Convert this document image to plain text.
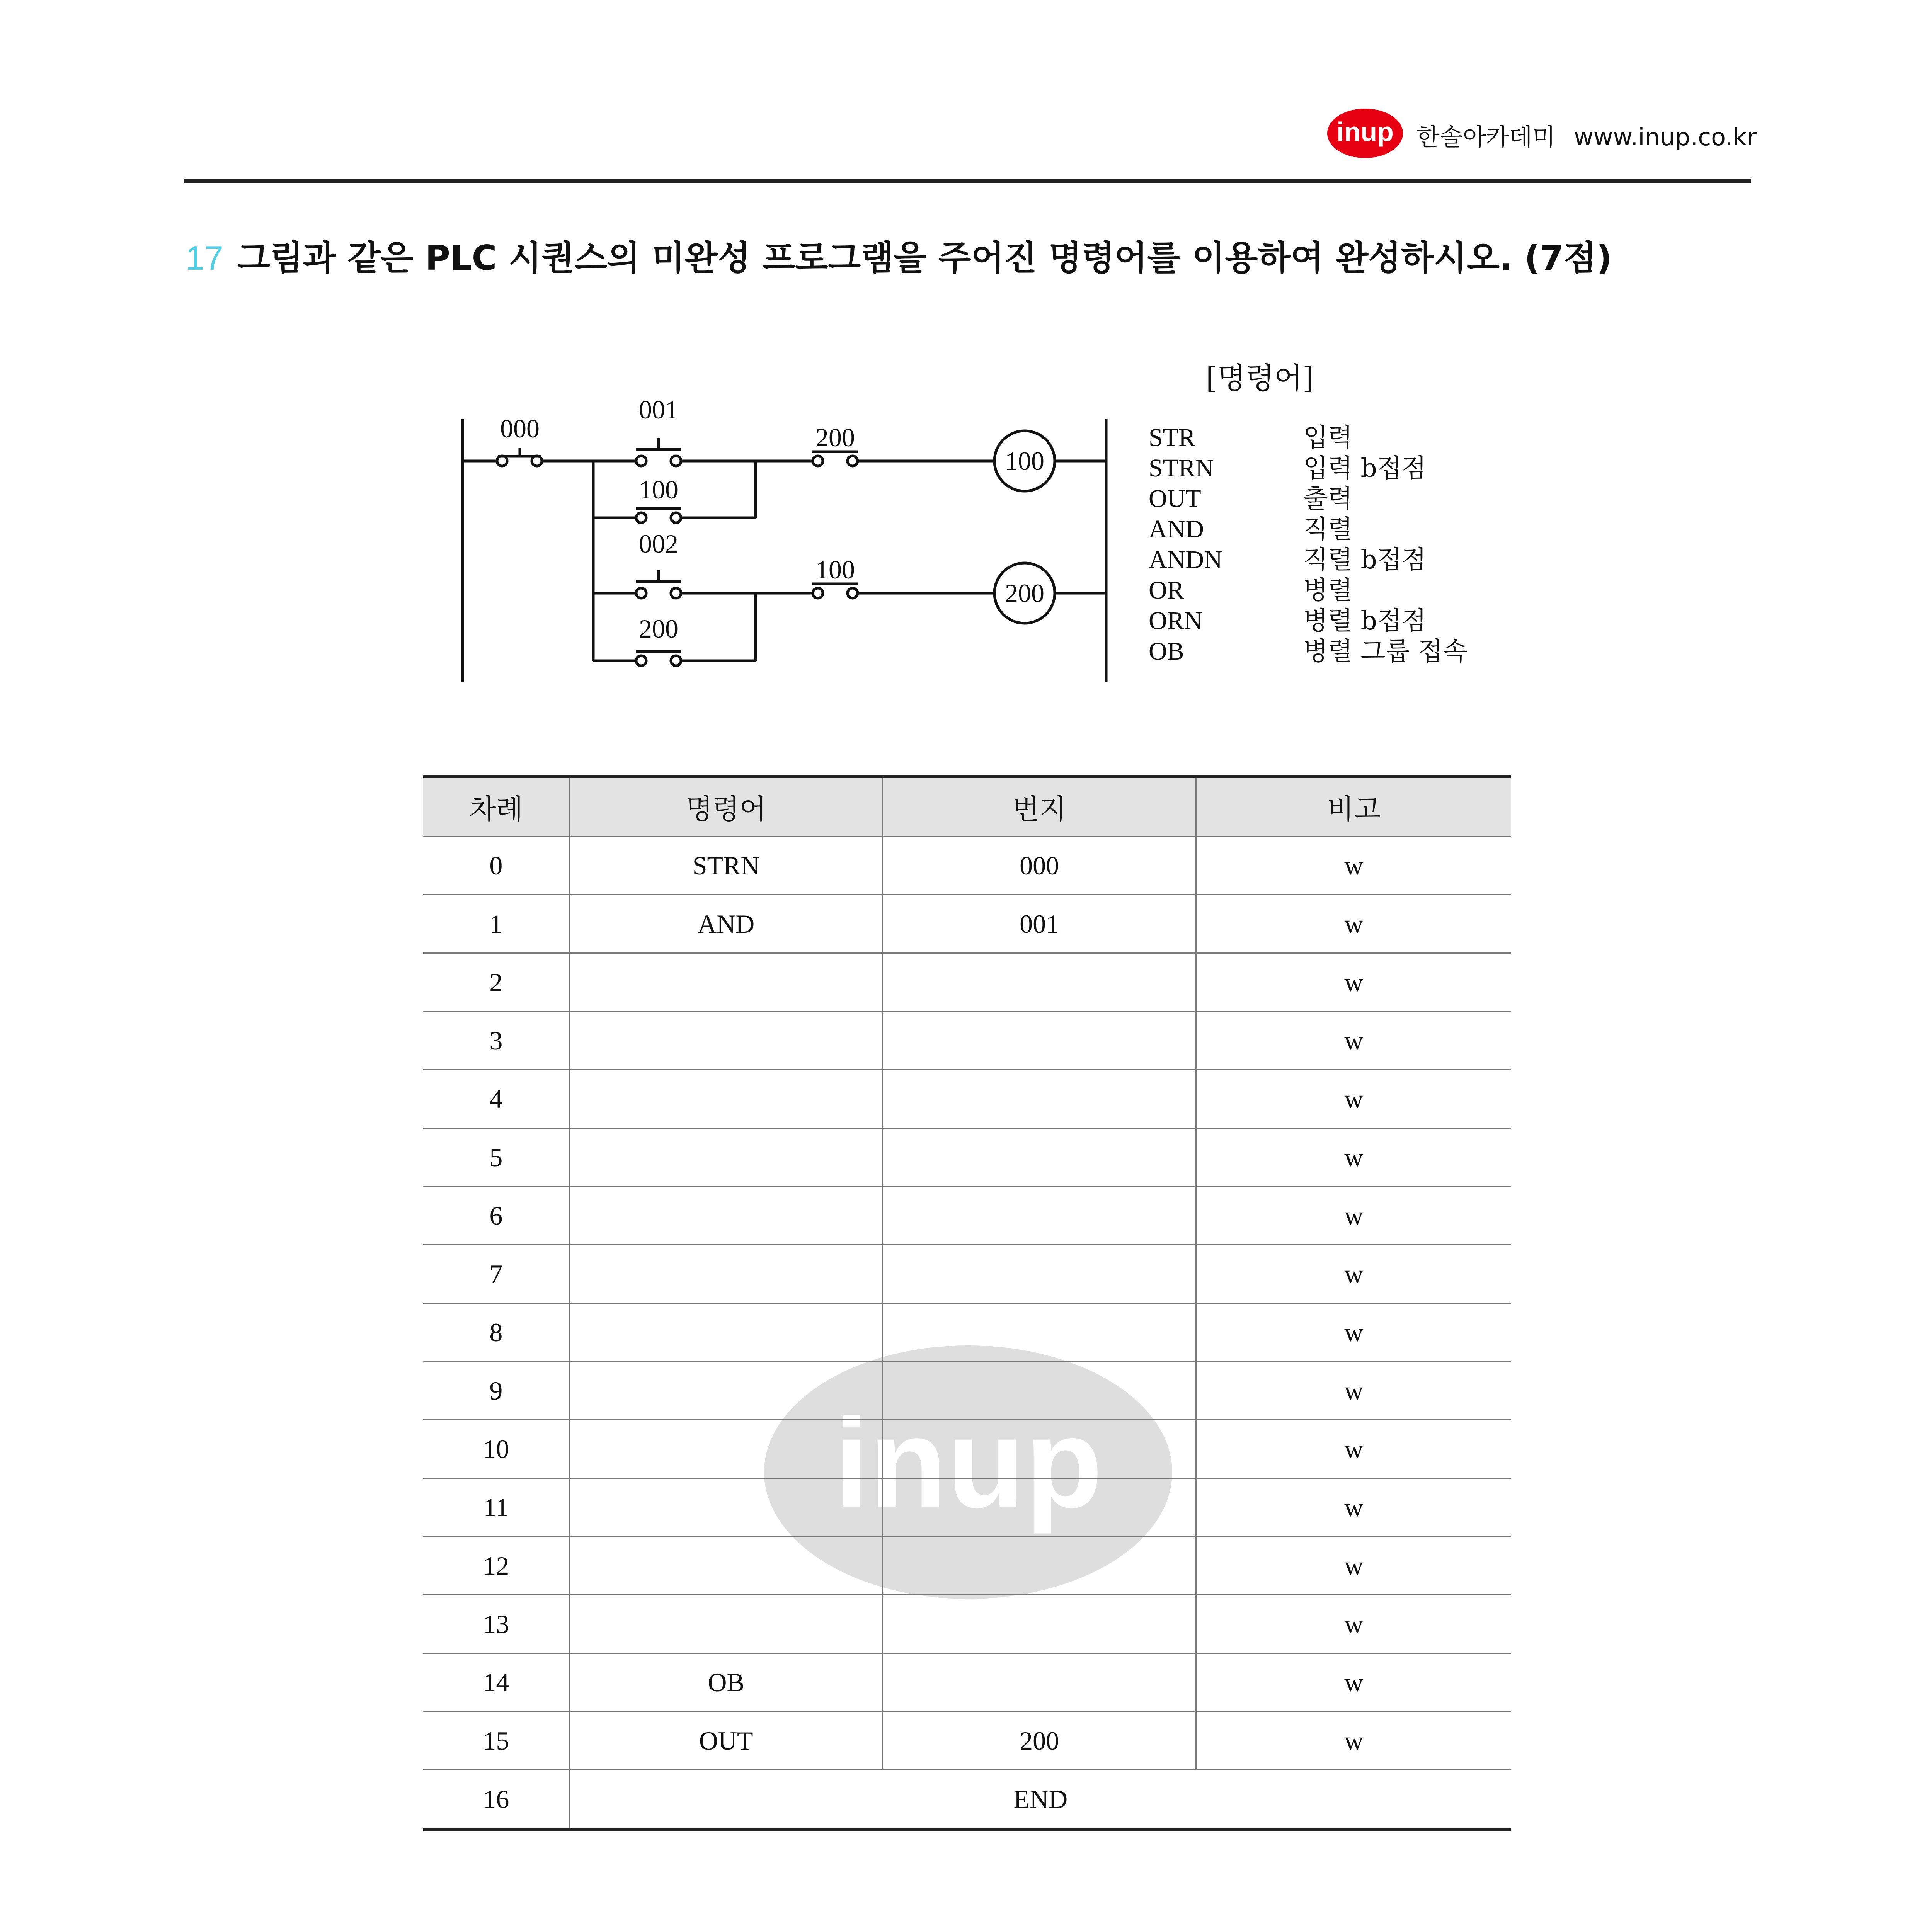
inup 한솔아카데미 www.inup.co.kr
17 그림과 같은 PLC 시퀀스의 미완성 프로그램을 주어진 명령어를 이용하여 완성하시오. (7점)
000
001
100
002
200
200
100
100
200
[명령어]
STR	입력
STRN	입력 b접점
OUT	출력
AND	직렬
ANDN	직렬 b접점
OR	병렬
ORN	병렬 b접점
OB	병렬 그룹 접속
inup
차례	명령어	번지	비고
0	STRN	000	w
1	AND	001	w
2			w
3			w
4			w
5			w
6			w
7			w
8			w
9			w
10			w
11			w
12			w
13			w
14	OB		w
15	OUT	200	w
16	END		
